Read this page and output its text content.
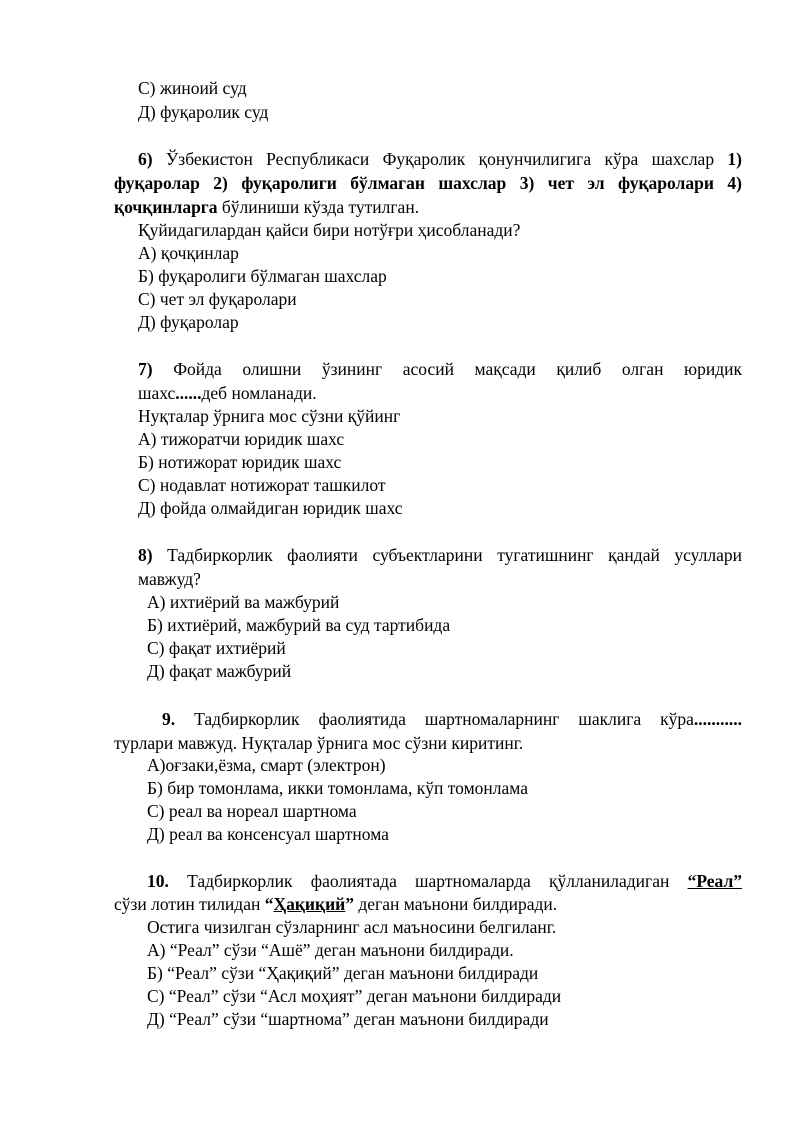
C) жиноий суд
Д) фуқаролик суд
6) Ўзбекистон Республикаси Фуқаролик қонунчилигига кўра шахслар 1)
фуқаролар 2) фуқаролиги бўлмаган шахслар 3) чет эл фуқаролари 4)
қочқинларга бўлиниши кўзда тутилган.
Қуйидагилардан қайси бири нотўғри ҳисобланади?
А) қочқинлар
Б) фуқаролиги бўлмаган шахслар
C) чет эл фуқаролари
Д) фуқаролар
7) Фойда олишни ўзининг асосий мақсади қилиб олган юридик
шахс......деб номланади.
Нуқталар ўрнига мос сўзни қўйинг
А) тижоратчи юридик шахс
Б) нотижорат юридик шахс
C) нодавлат нотижорат ташкилот
Д) фойда олмайдиган юридик шахс
8) Тадбиркорлик фаолияти субъектларини тугатишнинг қандай усуллари
мавжуд?
А) ихтиёрий ва мажбурий
Б) ихтиёрий, мажбурий ва суд тартибида
C) фақат ихтиёрий
Д) фақат мажбурий
9. Тадбиркорлик фаолиятида шартномаларнинг шаклига кўра...........
турлари мавжуд. Нуқталар ўрнига мос сўзни киритинг.
А)оғзаки,ёзма, смарт (электрон)
Б) бир томонлама, икки томонлама, кўп томонлама
C) реал ва нореал шартнома
Д) реал ва консенсуал шартнома
10. Тадбиркорлик фаолиятада шартномаларда қўлланиладиган “Реал”
сўзи лотин тилидан “Ҳақиқий” деган маънони билдиради.
Остига чизилган сўзларнинг асл маъносини белгиланг.
А) “Реал” сўзи “Ашё” деган маънони билдиради.
Б) “Реал” сўзи “Ҳақиқий” деган маънони билдиради
C) “Реал” сўзи “Асл моҳият” деган маънони билдиради
Д) “Реал” сўзи “шартнома” деган маънони билдиради
